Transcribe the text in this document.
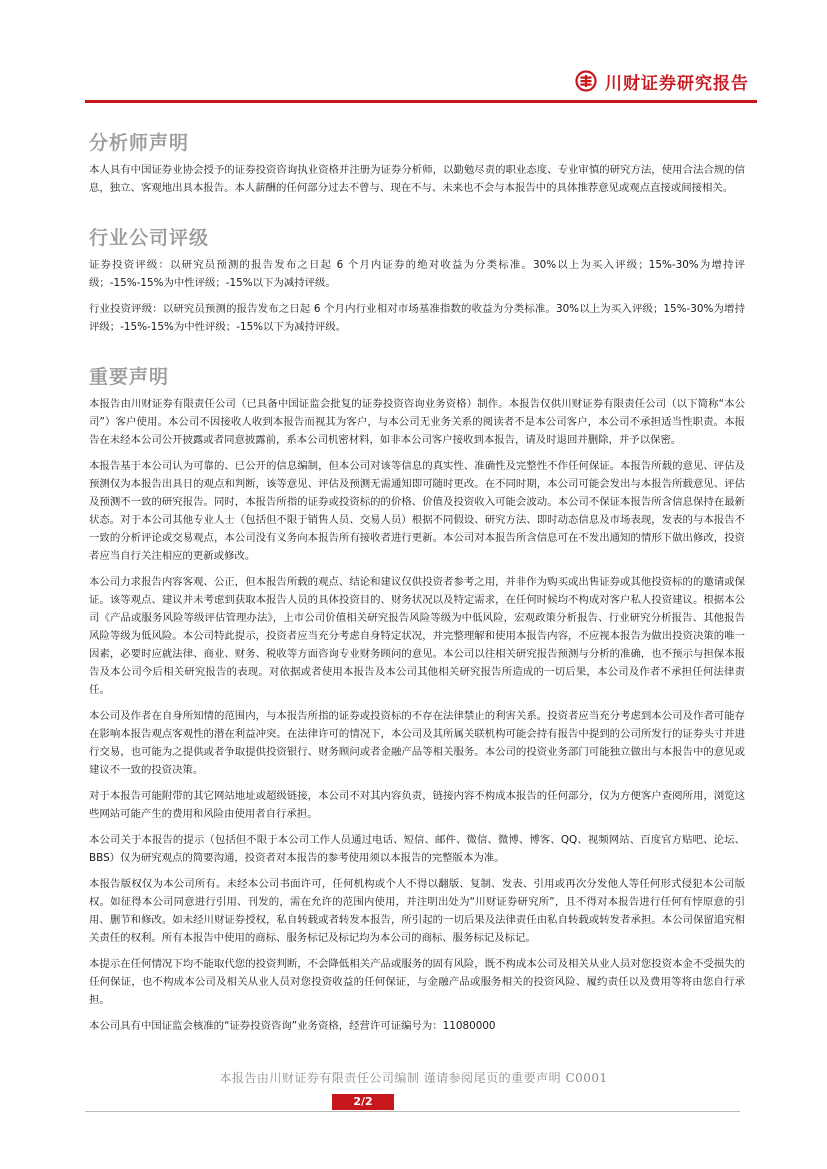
川财证券研究报告
分析师声明

本人具有中国证券业协会授予的证券投资咨询执业资格并注册为证券分析师，以勤勉尽责的职业态度、专业审慎的研究方法，使用合法合规的信息，独立、客观地出具本报告。本人薪酬的任何部分过去不曾与、现在不与、未来也不会与本报告中的具体推荐意见或观点直接或间接相关。

行业公司评级

证券投资评级：以研究员预测的报告发布之日起 6 个月内证券的绝对收益为分类标准。30%以上为买入评级；15%-30%为增持评级；-15%-15%为中性评级；-15%以下为减持评级。

行业投资评级：以研究员预测的报告发布之日起 6 个月内行业相对市场基准指数的收益为分类标准。30%以上为买入评级；15%-30%为增持评级；-15%-15%为中性评级；-15%以下为减持评级。

重要声明

本报告由川财证券有限责任公司（已具备中国证监会批复的证券投资咨询业务资格）制作。本报告仅供川财证券有限责任公司（以下简称“本公司”）客户使用。本公司不因接收人收到本报告而视其为客户，与本公司无业务关系的阅读者不是本公司客户，本公司不承担适当性职责。本报告在未经本公司公开披露或者同意披露前，系本公司机密材料，如非本公司客户接收到本报告，请及时退回并删除，并予以保密。

本报告基于本公司认为可靠的、已公开的信息编制，但本公司对该等信息的真实性、准确性及完整性不作任何保证。本报告所载的意见、评估及预测仅为本报告出具日的观点和判断，该等意见、评估及预测无需通知即可随时更改。在不同时期，本公司可能会发出与本报告所载意见、评估及预测不一致的研究报告。同时，本报告所指的证券或投资标的的价格、价值及投资收入可能会波动。本公司不保证本报告所含信息保持在最新状态。对于本公司其他专业人士（包括但不限于销售人员、交易人员）根据不同假设、研究方法、即时动态信息及市场表现，发表的与本报告不一致的分析评论或交易观点，本公司没有义务向本报告所有接收者进行更新。本公司对本报告所含信息可在不发出通知的情形下做出修改，投资者应当自行关注相应的更新或修改。

本公司力求报告内容客观、公正，但本报告所载的观点、结论和建议仅供投资者参考之用，并非作为购买或出售证券或其他投资标的的邀请或保证。该等观点、建议并未考虑到获取本报告人员的具体投资目的、财务状况以及特定需求，在任何时候均不构成对客户私人投资建议。根据本公司《产品或服务风险等级评估管理办法》，上市公司价值相关研究报告风险等级为中低风险，宏观政策分析报告、行业研究分析报告、其他报告风险等级为低风险。本公司特此提示，投资者应当充分考虑自身特定状况，并完整理解和使用本报告内容，不应视本报告为做出投资决策的唯一因素，必要时应就法律、商业、财务、税收等方面咨询专业财务顾问的意见。本公司以往相关研究报告预测与分析的准确，也不预示与担保本报告及本公司今后相关研究报告的表现。对依据或者使用本报告及本公司其他相关研究报告所造成的一切后果，本公司及作者不承担任何法律责任。

本公司及作者在自身所知情的范围内，与本报告所指的证券或投资标的不存在法律禁止的利害关系。投资者应当充分考虑到本公司及作者可能存在影响本报告观点客观性的潜在利益冲突。在法律许可的情况下，本公司及其所属关联机构可能会持有报告中提到的公司所发行的证券头寸并进行交易，也可能为之提供或者争取提供投资银行、财务顾问或者金融产品等相关服务。本公司的投资业务部门可能独立做出与本报告中的意见或建议不一致的投资决策。

对于本报告可能附带的其它网站地址或超级链接，本公司不对其内容负责，链接内容不构成本报告的任何部分，仅为方便客户查阅所用，浏览这些网站可能产生的费用和风险由使用者自行承担。

本公司关于本报告的提示（包括但不限于本公司工作人员通过电话、短信、邮件、微信、微博、博客、QQ、视频网站、百度官方贴吧、论坛、BBS）仅为研究观点的简要沟通，投资者对本报告的参考使用须以本报告的完整版本为准。

本报告版权仅为本公司所有。未经本公司书面许可，任何机构或个人不得以翻版、复制、发表、引用或再次分发他人等任何形式侵犯本公司版权。如征得本公司同意进行引用、刊发的，需在允许的范围内使用，并注明出处为“川财证券研究所”，且不得对本报告进行任何有悖原意的引用、删节和修改。如未经川财证券授权，私自转载或者转发本报告，所引起的一切后果及法律责任由私自转载或转发者承担。本公司保留追究相关责任的权利。所有本报告中使用的商标、服务标记及标记均为本公司的商标、服务标记及标记。

本提示在任何情况下均不能取代您的投资判断，不会降低相关产品或服务的固有风险，既不构成本公司及相关从业人员对您投资本金不受损失的任何保证，也不构成本公司及相关从业人员对您投资收益的任何保证，与金融产品或服务相关的投资风险、履约责任以及费用等将由您自行承担。

本公司具有中国证监会核准的“证券投资咨询”业务资格，经营许可证编号为：11080000

本报告由川财证券有限责任公司编制 谨请参阅尾页的重要声明 C0001
2/2
